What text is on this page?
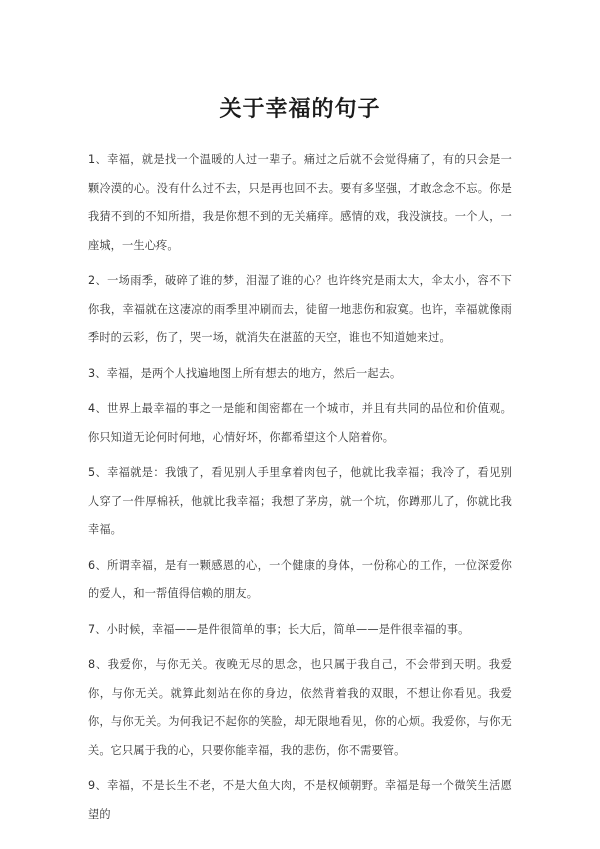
关于幸福的句子

1、幸福，就是找一个温暖的人过一辈子。痛过之后就不会觉得痛了，有的只会是一颗冷漠的心。没有什么过不去，只是再也回不去。要有多坚强，才敢念念不忘。你是我猜不到的不知所措，我是你想不到的无关痛痒。感情的戏，我没演技。一个人，一座城，一生心疼。

2、一场雨季，破碎了谁的梦，泪湿了谁的心？也许终究是雨太大，伞太小，容不下你我，幸福就在这凄凉的雨季里冲刷而去，徒留一地悲伤和寂寞。也许，幸福就像雨季时的云彩，伤了，哭一场，就消失在湛蓝的天空，谁也不知道她来过。

3、幸福，是两个人找遍地图上所有想去的地方，然后一起去。

4、世界上最幸福的事之一是能和闺密都在一个城市，并且有共同的品位和价值观。你只知道无论何时何地，心情好坏，你都希望这个人陪着你。

5、幸福就是：我饿了，看见别人手里拿着肉包子，他就比我幸福；我冷了，看见别人穿了一件厚棉袄，他就比我幸福；我想了茅房，就一个坑，你蹲那儿了，你就比我幸福。

6、所谓幸福，是有一颗感恩的心，一个健康的身体，一份称心的工作，一位深爱你的爱人，和一帮值得信赖的朋友。

7、小时候，幸福——是件很简单的事；长大后，简单——是件很幸福的事。

8、我爱你，与你无关。夜晚无尽的思念，也只属于我自己，不会带到天明。我爱你，与你无关。就算此刻站在你的身边，依然背着我的双眼，不想让你看见。我爱你，与你无关。为何我记不起你的笑脸，却无限地看见，你的心烦。我爱你，与你无关。它只属于我的心，只要你能幸福，我的悲伤，你不需要管。

9、幸福，不是长生不老，不是大鱼大肉，不是权倾朝野。幸福是每一个微笑生活愿望的
